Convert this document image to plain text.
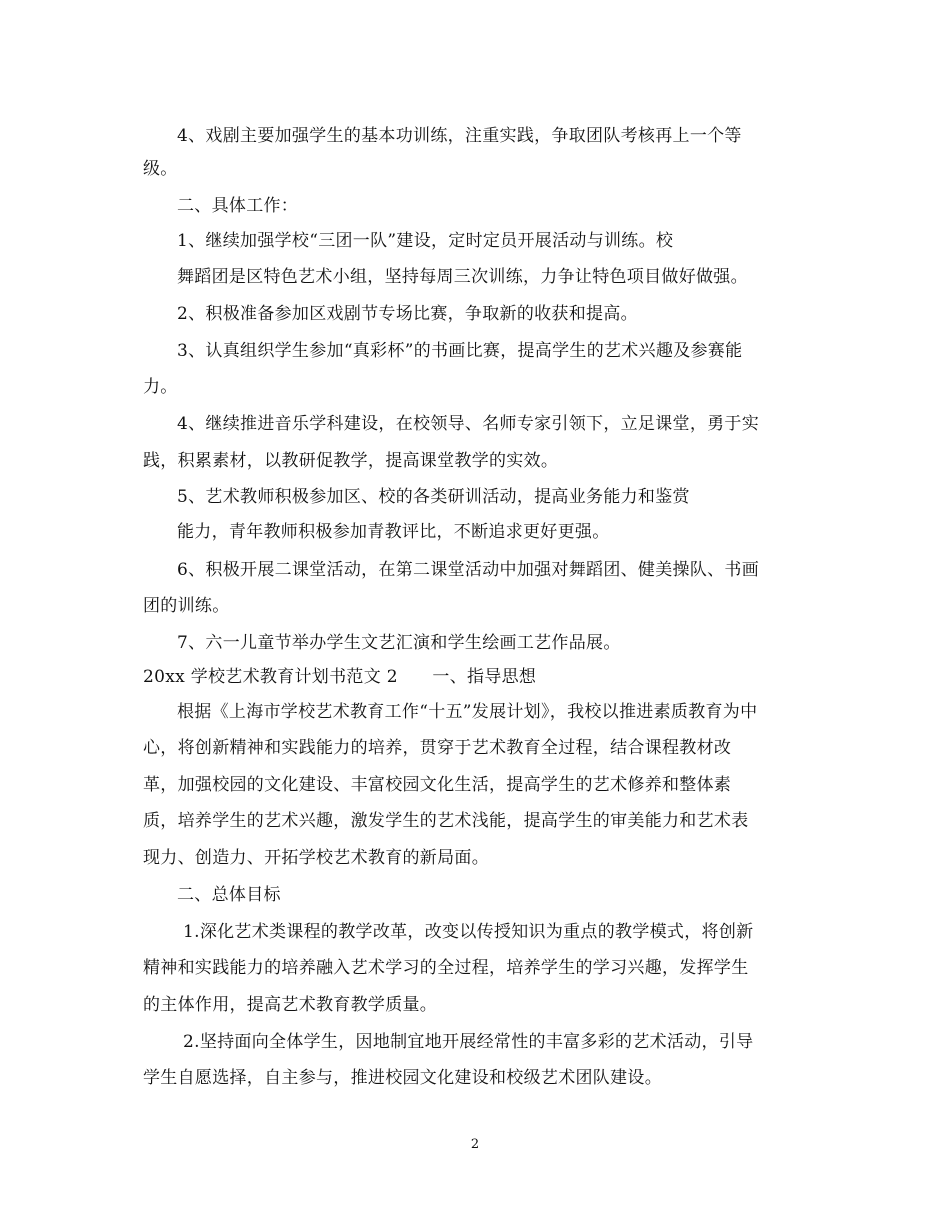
4、戏剧主要加强学生的基本功训练，注重实践，争取团队考核再上一个等
级。
二、具体工作：
1、继续加强学校“三团一队”建设，定时定员开展活动与训练。校
舞蹈团是区特色艺术小组，坚持每周三次训练，力争让特色项目做好做强。
2、积极准备参加区戏剧节专场比赛，争取新的收获和提高。
3、认真组织学生参加“真彩杯”的书画比赛，提高学生的艺术兴趣及参赛能
力。
4、继续推进音乐学科建设，在校领导、名师专家引领下，立足课堂，勇于实
践，积累素材，以教研促教学，提高课堂教学的实效。
5、艺术教师积极参加区、校的各类研训活动，提高业务能力和鉴赏
能力，青年教师积极参加青教评比，不断追求更好更强。
6、积极开展二课堂活动，在第二课堂活动中加强对舞蹈团、健美操队、书画
团的训练。
7、六一儿童节举办学生文艺汇演和学生绘画工艺作品展。
20xx 学校艺术教育计划书范文 2　　一、指导思想
根据《上海市学校艺术教育工作“十五”发展计划》，我校以推进素质教育为中
心，将创新精神和实践能力的培养，贯穿于艺术教育全过程，结合课程教材改
革，加强校园的文化建设、丰富校园文化生活，提高学生的艺术修养和整体素
质，培养学生的艺术兴趣，激发学生的艺术浅能，提高学生的审美能力和艺术表
现力、创造力、开拓学校艺术教育的新局面。
二、总体目标
1.深化艺术类课程的教学改革，改变以传授知识为重点的教学模式，将创新
精神和实践能力的培养融入艺术学习的全过程，培养学生的学习兴趣，发挥学生
的主体作用，提高艺术教育教学质量。
2.坚持面向全体学生，因地制宜地开展经常性的丰富多彩的艺术活动，引导
学生自愿选择，自主参与，推进校园文化建设和校级艺术团队建设。
2
